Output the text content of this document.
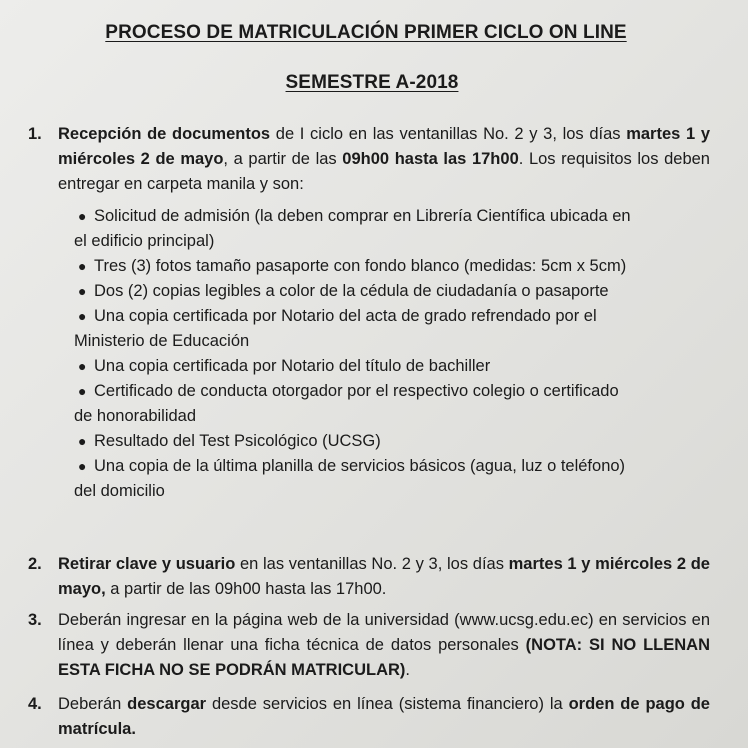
PROCESO DE MATRICULACIÓN PRIMER CICLO ON LINE
SEMESTRE A-2018
1. Recepción de documentos de I ciclo en las ventanillas No. 2 y 3, los días martes 1 y miércoles 2 de mayo, a partir de las 09h00 hasta las 17h00. Los requisitos los deben entregar en carpeta manila y son:
● Solicitud de admisión (la deben comprar en Librería Científica ubicada en
el edificio principal)
● Tres (3) fotos tamaño pasaporte con fondo blanco (medidas: 5cm x 5cm)
● Dos (2) copias legibles a color de la cédula de ciudadanía o pasaporte
● Una copia certificada por Notario del acta de grado refrendado por el
Ministerio de Educación
● Una copia certificada por Notario del título de bachiller
● Certificado de conducta otorgador por el respectivo colegio o certificado
de honorabilidad
● Resultado del Test Psicológico (UCSG)
● Una copia de la última planilla de servicios básicos (agua, luz o teléfono)
del domicilio
2. Retirar clave y usuario en las ventanillas No. 2 y 3, los días martes 1 y miércoles 2 de mayo, a partir de las 09h00 hasta las 17h00.
3. Deberán ingresar en la página web de la universidad (www.ucsg.edu.ec) en servicios en línea y deberán llenar una ficha técnica de datos personales (NOTA: SI NO LLENAN ESTA FICHA NO SE PODRÁN MATRICULAR).
4. Deberán descargar desde servicios en línea (sistema financiero) la orden de pago de matrícula.
